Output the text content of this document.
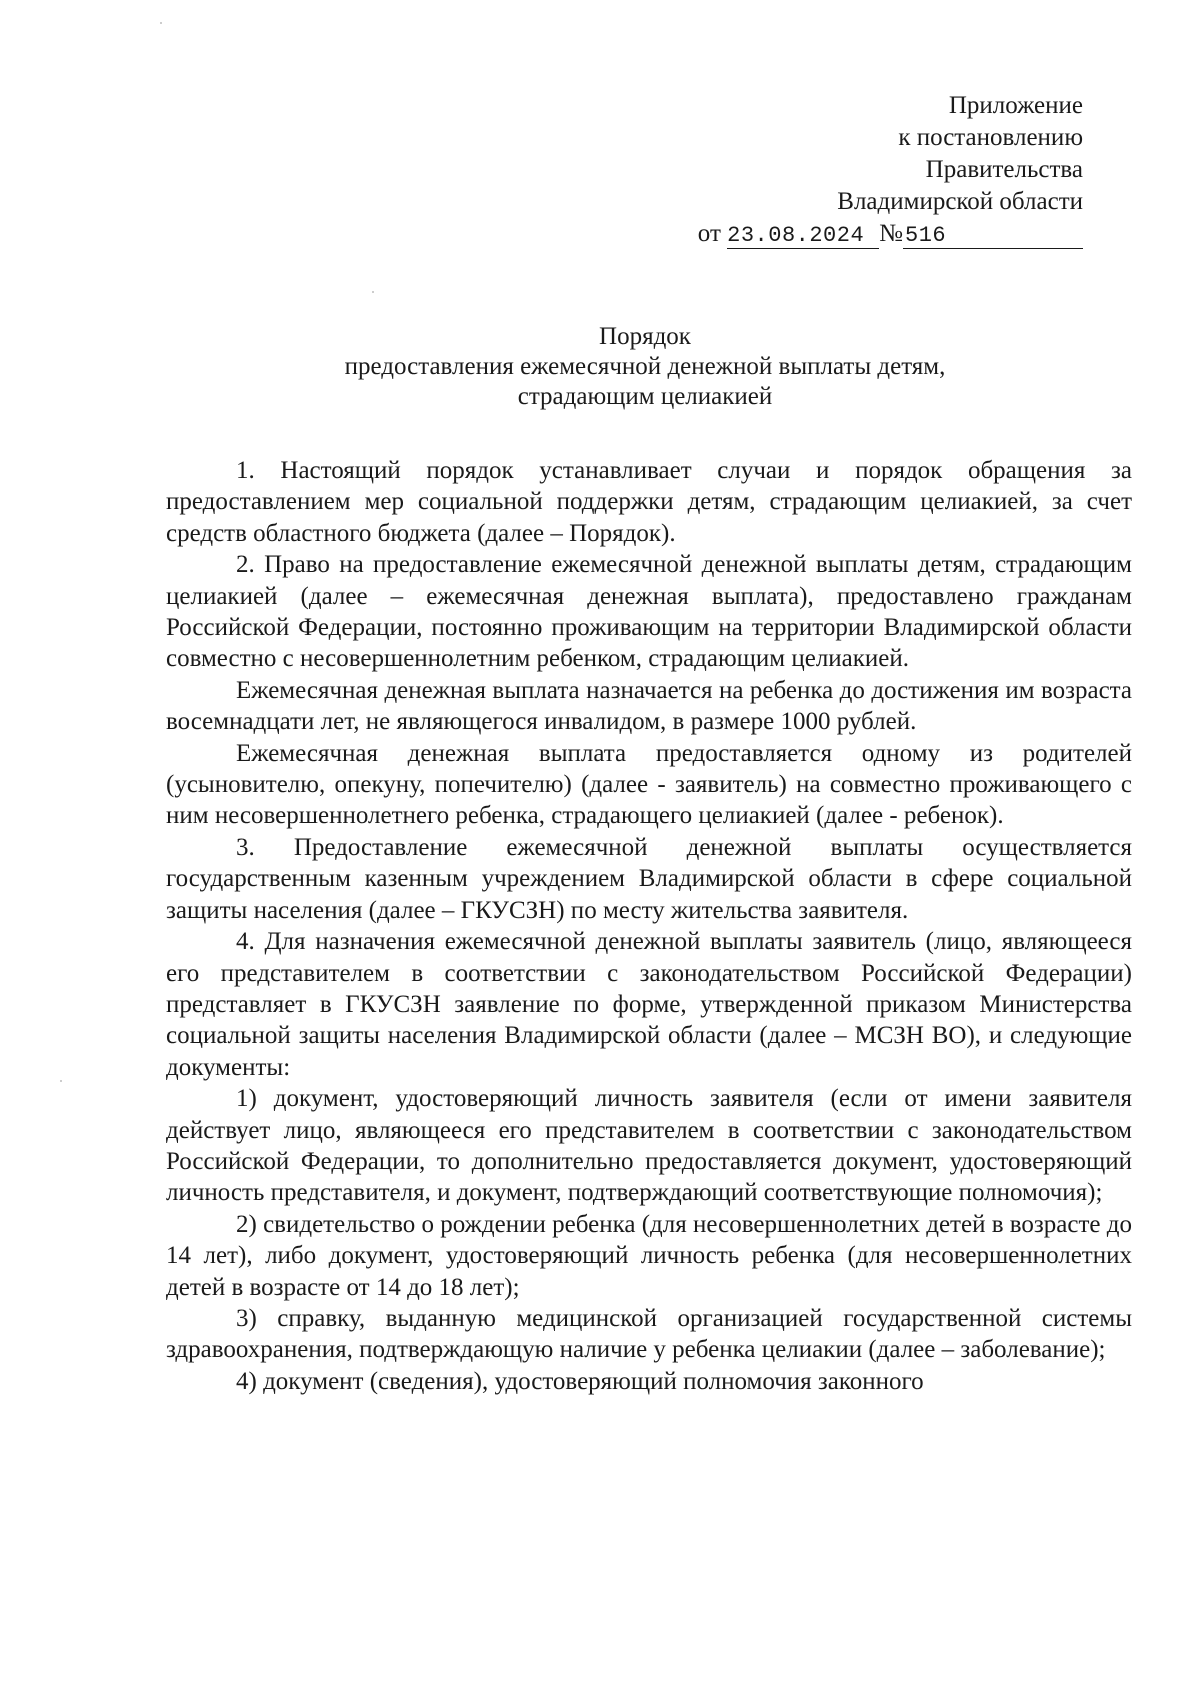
Приложение
к постановлению
Правительства
Владимирской области
от 23.08.2024 №516
Порядок
предоставления ежемесячной денежной выплаты детям,
страдающим целиакией

1. Настоящий порядок устанавливает случаи и порядок обращения за предоставлением мер социальной поддержки детям, страдающим целиакией, за счет средств областного бюджета (далее – Порядок).

2. Право на предоставление ежемесячной денежной выплаты детям, страдающим целиакией (далее – ежемесячная денежная выплата), предоставлено гражданам Российской Федерации, постоянно проживающим на территории Владимирской области совместно с несовершеннолетним ребенком, страдающим целиакией.

Ежемесячная денежная выплата назначается на ребенка до достижения им возраста восемнадцати лет, не являющегося инвалидом, в размере 1000 рублей.

Ежемесячная денежная выплата предоставляется одному из родителей (усыновителю, опекуну, попечителю) (далее - заявитель) на совместно проживающего с ним несовершеннолетнего ребенка, страдающего целиакией (далее - ребенок).

3. Предоставление ежемесячной денежной выплаты осуществляется государственным казенным учреждением Владимирской области в сфере социальной защиты населения (далее – ГКУСЗН) по месту жительства заявителя.

4. Для назначения ежемесячной денежной выплаты заявитель (лицо, являющееся его представителем в соответствии с законодательством Российской Федерации) представляет в ГКУСЗН заявление по форме, утвержденной приказом Министерства социальной защиты населения Владимирской области (далее – МСЗН ВО), и следующие документы:

1) документ, удостоверяющий личность заявителя (если от имени заявителя действует лицо, являющееся его представителем в соответствии с законодательством Российской Федерации, то дополнительно предоставляется документ, удостоверяющий личность представителя, и документ, подтверждающий соответствующие полномочия);

2) свидетельство о рождении ребенка (для несовершеннолетних детей в возрасте до 14 лет), либо документ, удостоверяющий личность ребенка (для несовершеннолетних детей в возрасте от 14 до 18 лет);

3) справку, выданную медицинской организацией государственной системы здравоохранения, подтверждающую наличие у ребенка целиакии (далее – заболевание);

4) документ (сведения), удостоверяющий полномочия законного
